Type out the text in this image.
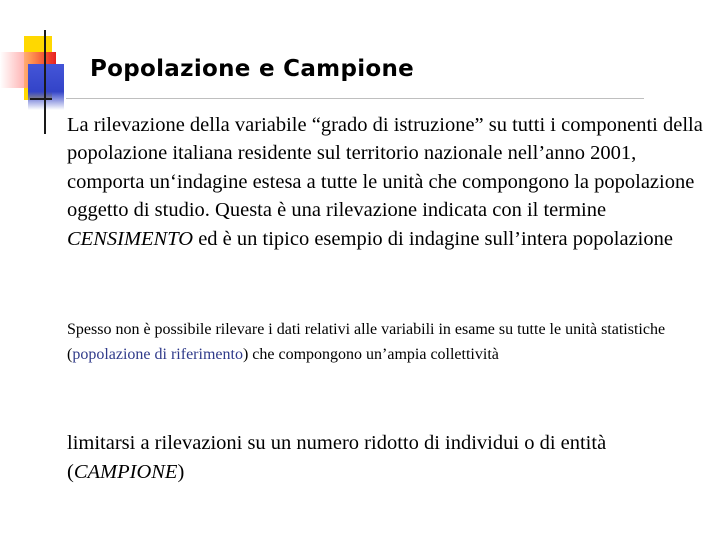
Popolazione e Campione

La rilevazione della variabile “grado di istruzione” su tutti i componenti della popolazione italiana residente sul territorio nazionale nell’anno 2001, comporta un‘indagine estesa a tutte le unità che compongono la popolazione oggetto di studio. Questa è una rilevazione indicata con il termine CENSIMENTO ed è un tipico esempio di indagine sull’intera popolazione

Spesso non è possibile rilevare i dati relativi alle variabili in esame su tutte le unità statistiche (popolazione di riferimento) che compongono un’ampia collettività

limitarsi a rilevazioni su un numero ridotto di individui o di entità (CAMPIONE)
